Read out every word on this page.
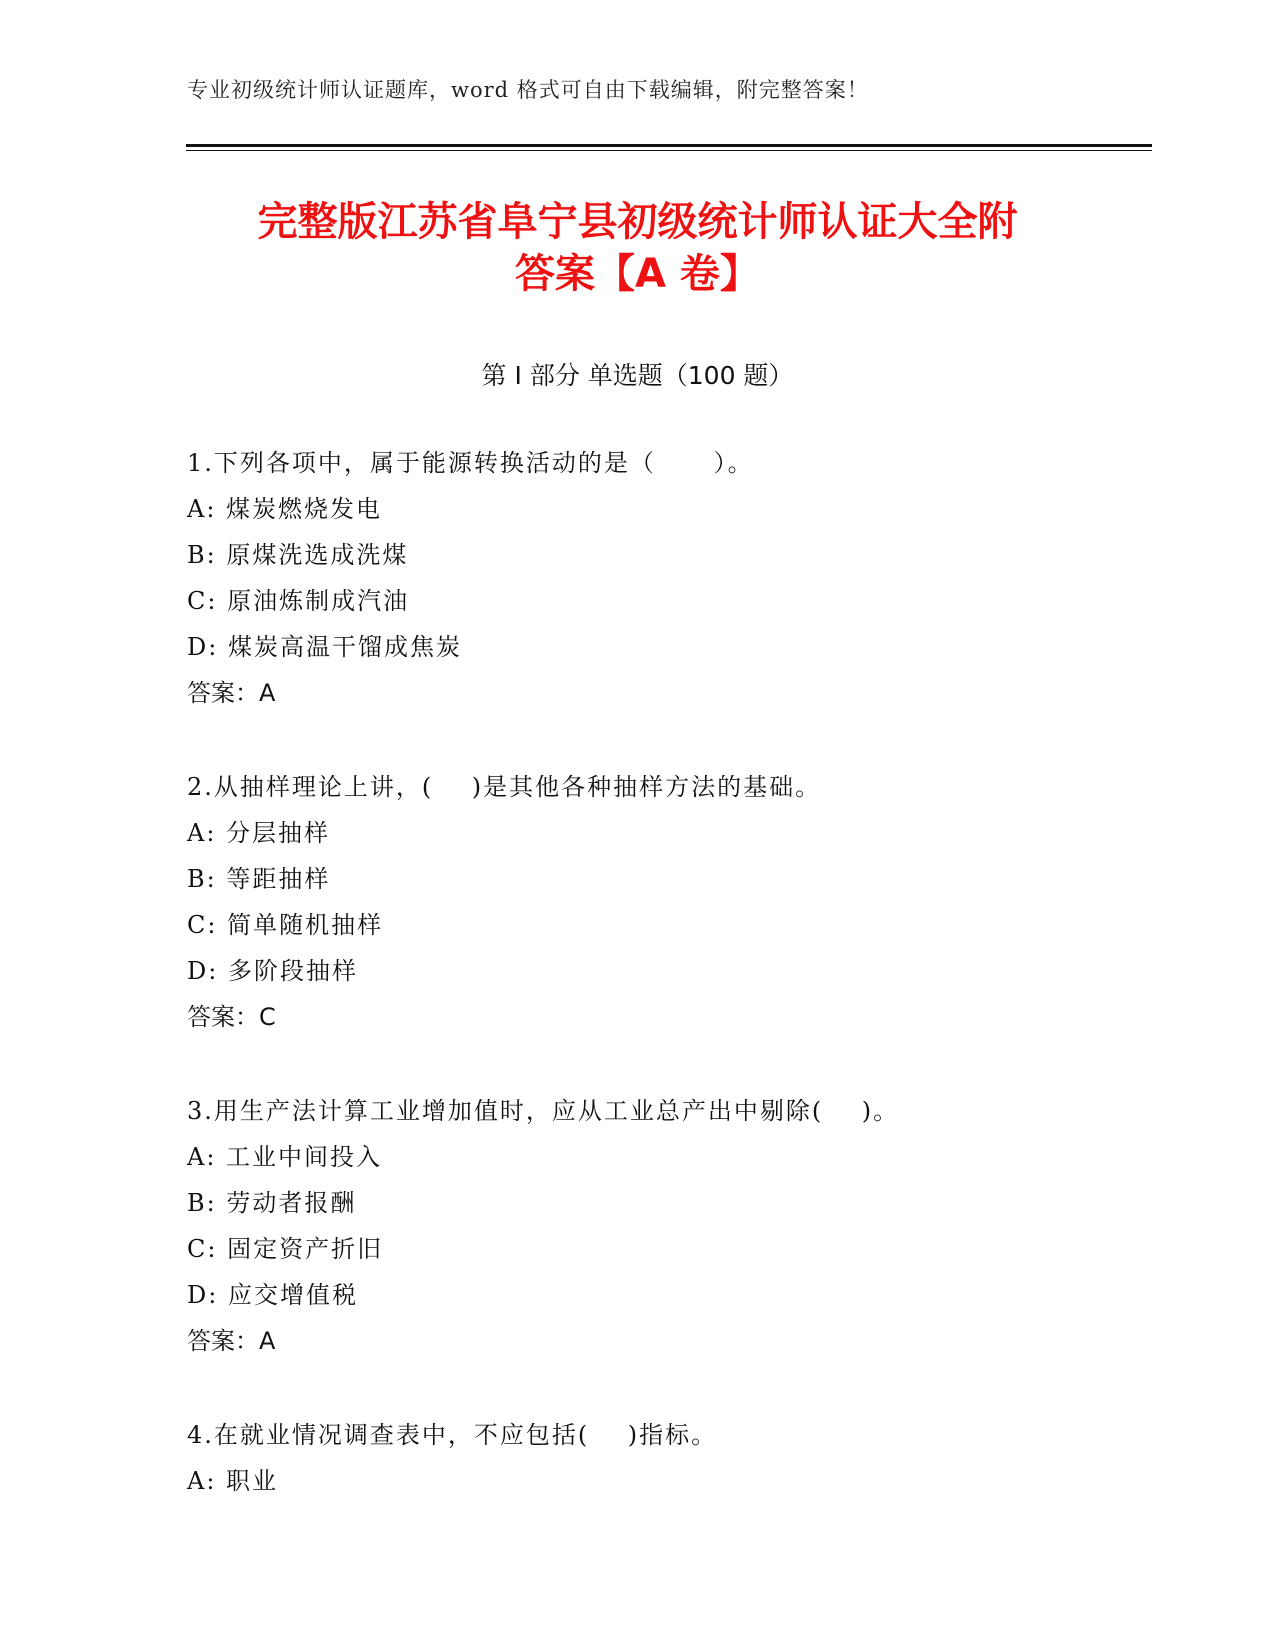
专业初级统计师认证题库，word 格式可自由下载编辑，附完整答案！
完整版江苏省阜宁县初级统计师认证大全附
答案【A 卷】
第 I 部分 单选题（100 题）
1.下列各项中，属于能源转换活动的是（      ）。
A: 煤炭燃烧发电
B: 原煤洗选成洗煤
C: 原油炼制成汽油
D: 煤炭高温干馏成焦炭
答案：A
2.从抽样理论上讲，(    )是其他各种抽样方法的基础。
A: 分层抽样
B: 等距抽样
C: 简单随机抽样
D: 多阶段抽样
答案：C
3.用生产法计算工业增加值时，应从工业总产出中剔除(    )。
A: 工业中间投入
B: 劳动者报酬
C: 固定资产折旧
D: 应交增值税
答案：A
4.在就业情况调查表中，不应包括(    )指标。
A: 职业
